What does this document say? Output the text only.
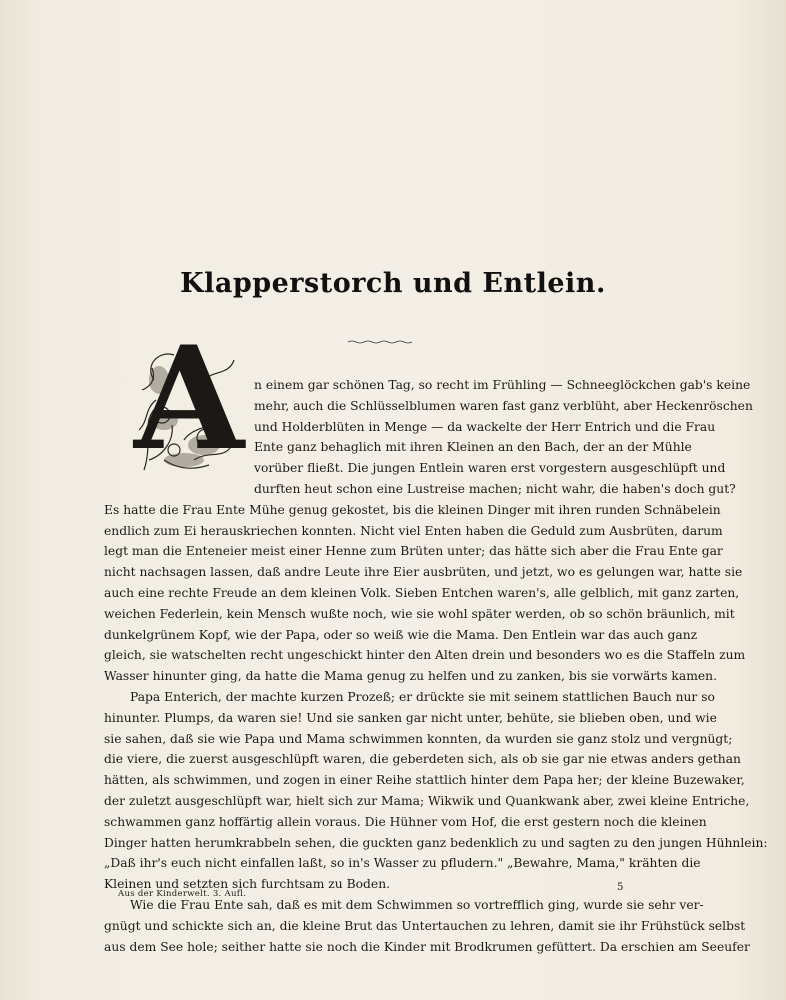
Klapperstorch und Entlein.
A n einem gar schönen Tag, so recht im Frühling — Schneeglöckchen gab's keine
mehr, auch die Schlüsselblumen waren fast ganz verblüht, aber Heckenröschen
und Holderblüten in Menge — da wackelte der Herr Entrich und die Frau
Ente ganz behaglich mit ihren Kleinen an den Bach, der an der Mühle
vorüber fließt. Die jungen Entlein waren erst vorgestern ausgeschlüpft und
durften heut schon eine Lustreise machen; nicht wahr, die haben's doch gut?
Es hatte die Frau Ente Mühe genug gekostet, bis die kleinen Dinger mit ihren runden Schnäbelein
endlich zum Ei herauskriechen konnten. Nicht viel Enten haben die Geduld zum Ausbrüten, darum
legt man die Enteneier meist einer Henne zum Brüten unter; das hätte sich aber die Frau Ente gar
nicht nachsagen lassen, daß andre Leute ihre Eier ausbrüten, und jetzt, wo es gelungen war, hatte sie
auch eine rechte Freude an dem kleinen Volk. Sieben Entchen waren's, alle gelblich, mit ganz zarten,
weichen Federlein, kein Mensch wußte noch, wie sie wohl später werden, ob so schön bräunlich, mit
dunkelgrünem Kopf, wie der Papa, oder so weiß wie die Mama. Den Entlein war das auch ganz
gleich, sie watschelten recht ungeschickt hinter den Alten drein und besonders wo es die Staffeln zum
Wasser hinunter ging, da hatte die Mama genug zu helfen und zu zanken, bis sie vorwärts kamen.
Papa Enterich, der machte kurzen Prozeß; er drückte sie mit seinem stattlichen Bauch nur so
hinunter. Plumps, da waren sie! Und sie sanken gar nicht unter, behüte, sie blieben oben, und wie
sie sahen, daß sie wie Papa und Mama schwimmen konnten, da wurden sie ganz stolz und vergnügt;
die viere, die zuerst ausgeschlüpft waren, die geberdeten sich, als ob sie gar nie etwas anders gethan
hätten, als schwimmen, und zogen in einer Reihe stattlich hinter dem Papa her; der kleine Buzewaker,
der zuletzt ausgeschlüpft war, hielt sich zur Mama; Wikwik und Quankwank aber, zwei kleine Entriche,
schwammen ganz hoffärtig allein voraus. Die Hühner vom Hof, die erst gestern noch die kleinen
Dinger hatten herumkrabbeln sehen, die guckten ganz bedenklich zu und sagten zu den jungen Hühnlein:
„Daß ihr's euch nicht einfallen laßt, so in's Wasser zu pfludern." „Bewahre, Mama," krähten die
Kleinen und setzten sich furchtsam zu Boden.
Wie die Frau Ente sah, daß es mit dem Schwimmen so vortrefflich ging, wurde sie sehr ver-
gnügt und schickte sich an, die kleine Brut das Untertauchen zu lehren, damit sie ihr Frühstück selbst
aus dem See hole; seither hatte sie noch die Kinder mit Brodkrumen gefüttert. Da erschien am Seeufer
Aus der Kinderwelt. 3. Aufl.
5
